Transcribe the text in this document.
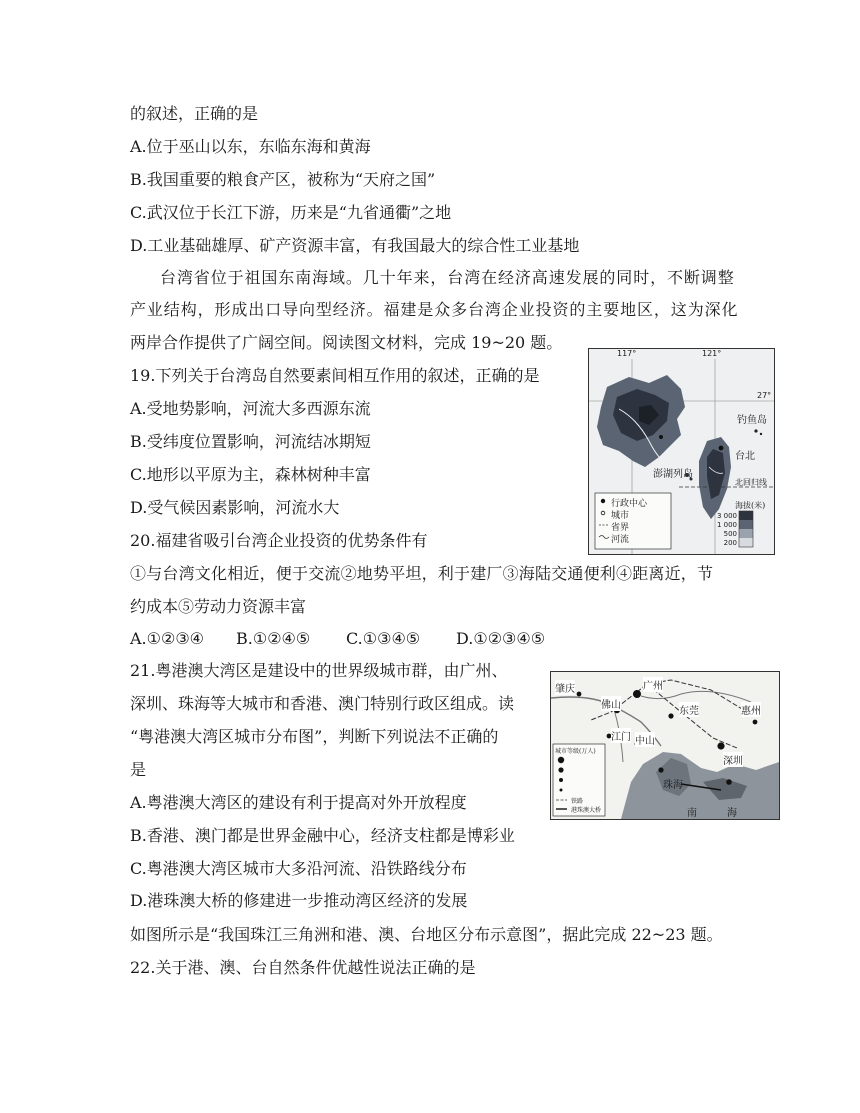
的叙述，正确的是
A.位于巫山以东，东临东海和黄海
B.我国重要的粮食产区，被称为“天府之国”
C.武汉位于长江下游，历来是“九省通衢”之地
D.工业基础雄厚、矿产资源丰富，有我国最大的综合性工业基地
台湾省位于祖国东南海域。几十年来，台湾在经济高速发展的同时，不断调整
产业结构，形成出口导向型经济。福建是众多台湾企业投资的主要地区，这为深化
两岸合作提供了广阔空间。阅读图文材料，完成 19~20 题。
19.下列关于台湾岛自然要素间相互作用的叙述，正确的是
A.受地势影响，河流大多西源东流
B.受纬度位置影响，河流结冰期短
C.地形以平原为主，森林树种丰富
D.受气候因素影响，河流水大
117°	121°
27°
钓鱼岛
台北
澎湖列岛
北回归线
行政中心
城市
省界
河流
海拔(米)
3 000
1 000
500
200
20.福建省吸引台湾企业投资的优势条件有
①与台湾文化相近，便于交流②地势平坦，利于建厂③海陆交通便利④距离近，节
约成本⑤劳动力资源丰富
A.①②③④ B.①②④⑤ C.①③④⑤ D.①②③④⑤
21.粤港澳大湾区是建设中的世界级城市群，由广州、
深圳、珠海等大城市和香港、澳门特别行政区组成。读
“粤港澳大湾区城市分布图”，判断下列说法不正确的
是
A.粤港澳大湾区的建设有利于提高对外开放程度
B.香港、澳门都是世界金融中心，经济支柱都是博彩业
C.粤港澳大湾区城市大多沿河流、沿铁路线分布
D.港珠澳大桥的修建进一步推动湾区经济的发展
肇庆	广州
佛山
东莞	惠州
江门 中山
深圳
珠海
南	海
城市等级(万人)
铁路
港珠澳大桥
如图所示是“我国珠江三角洲和港、澳、台地区分布示意图”，据此完成 22~23 题。
22.关于港、澳、台自然条件优越性说法正确的是
